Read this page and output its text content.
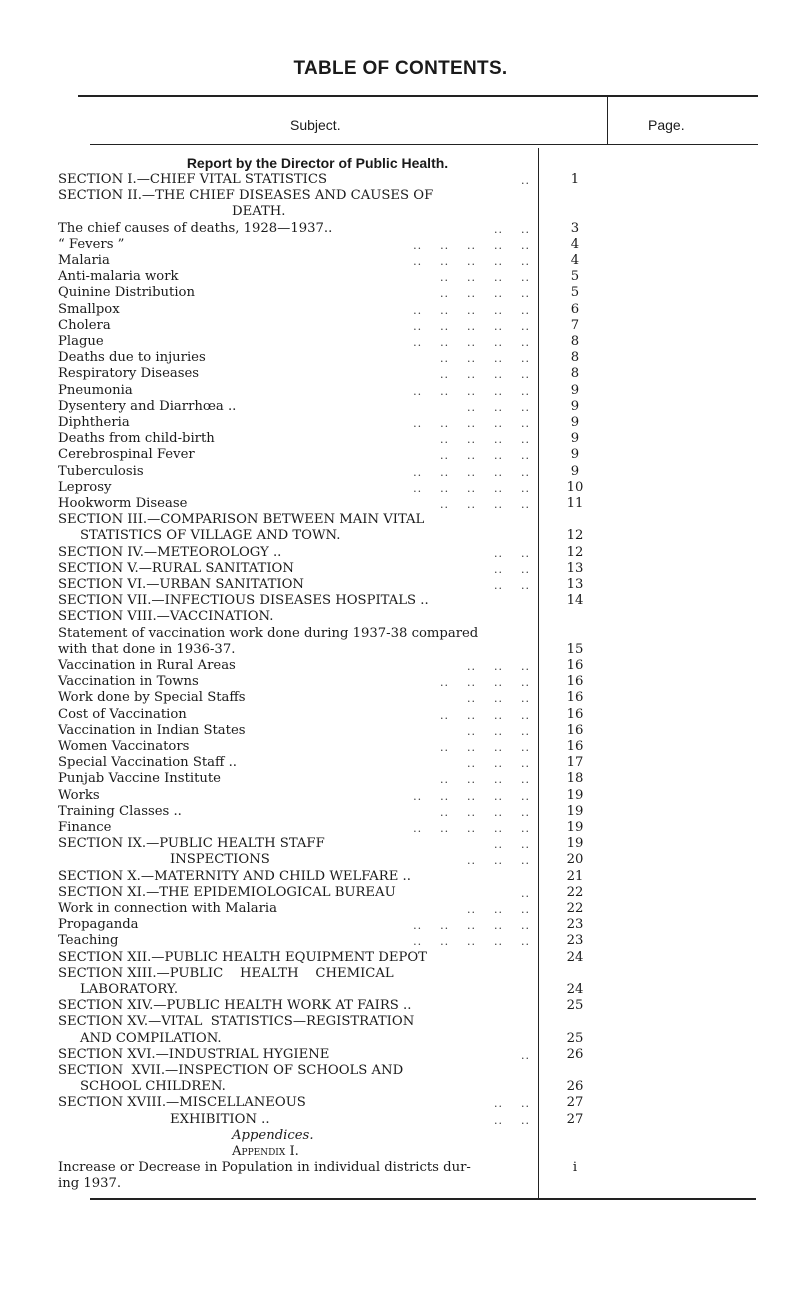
TABLE OF CONTENTS.
Subject.	Page.
Report by the Director of Public Health.
SECTION I.—CHIEF VITAL STATISTICS	..	1
SECTION II.—THE CHIEF DISEASES AND CAUSES OF
DEATH.
The chief causes of deaths, 1928—1937..	..    ..	3
“ Fevers ”	..    ..    ..    ..    ..	4
Malaria	..    ..    ..    ..    ..	4
Anti-malaria work	..    ..    ..    ..	5
Quinine Distribution	..    ..    ..    ..	5
Smallpox	..    ..    ..    ..    ..	6
Cholera	..    ..    ..    ..    ..	7
Plague	..    ..    ..    ..    ..	8
Deaths due to injuries	..    ..    ..    ..	8
Respiratory Diseases	..    ..    ..    ..	8
Pneumonia	..    ..    ..    ..    ..	9
Dysentery and Diarrhœa ..	..    ..    ..	9
Diphtheria	..    ..    ..    ..    ..	9
Deaths from child-birth	..    ..    ..    ..	9
Cerebrospinal Fever	..    ..    ..    ..	9
Tuberculosis	..    ..    ..    ..    ..	9
Leprosy	..    ..    ..    ..    ..	10
Hookworm Disease	..    ..    ..    ..	11
SECTION III.—COMPARISON BETWEEN MAIN VITAL
STATISTICS OF VILLAGE AND TOWN.	12
SECTION IV.—METEOROLOGY ..	..    ..	12
SECTION V.—RURAL SANITATION	..    ..	13
SECTION VI.—URBAN SANITATION	..    ..	13
SECTION VII.—INFECTIOUS DISEASES HOSPITALS ..	14
SECTION VIII.—VACCINATION.
Statement of vaccination work done during 1937-38 compared
with that done in 1936-37.	15
Vaccination in Rural Areas	..    ..    ..	16
Vaccination in Towns	..    ..    ..    ..	16
Work done by Special Staffs	..    ..    ..	16
Cost of Vaccination	..    ..    ..    ..	16
Vaccination in Indian States	..    ..    ..	16
Women Vaccinators	..    ..    ..    ..	16
Special Vaccination Staff ..	..    ..    ..	17
Punjab Vaccine Institute	..    ..    ..    ..	18
Works	..    ..    ..    ..    ..	19
Training Classes ..	..    ..    ..    ..	19
Finance	..    ..    ..    ..    ..	19
SECTION IX.—PUBLIC HEALTH STAFF	..    ..	19
INSPECTIONS	..    ..    ..	20
SECTION X.—MATERNITY AND CHILD WELFARE ..	21
SECTION XI.—THE EPIDEMIOLOGICAL BUREAU	..	22
Work in connection with Malaria	..    ..    ..	22
Propaganda	..    ..    ..    ..    ..	23
Teaching	..    ..    ..    ..    ..	23
SECTION XII.—PUBLIC HEALTH EQUIPMENT DEPOT	24
SECTION XIII.—PUBLIC    HEALTH    CHEMICAL
LABORATORY.	24
SECTION XIV.—PUBLIC HEALTH WORK AT FAIRS ..	25
SECTION XV.—VITAL  STATISTICS—REGISTRATION
AND COMPILATION.	25
SECTION XVI.—INDUSTRIAL HYGIENE	..	26
SECTION  XVII.—INSPECTION OF SCHOOLS AND
SCHOOL CHILDREN.	26
SECTION XVIII.—MISCELLANEOUS	..    ..	27
EXHIBITION ..	..    ..	27
Appendices.
Appendix I.
Increase or Decrease in Population in individual districts dur-
ing 1937.
i
